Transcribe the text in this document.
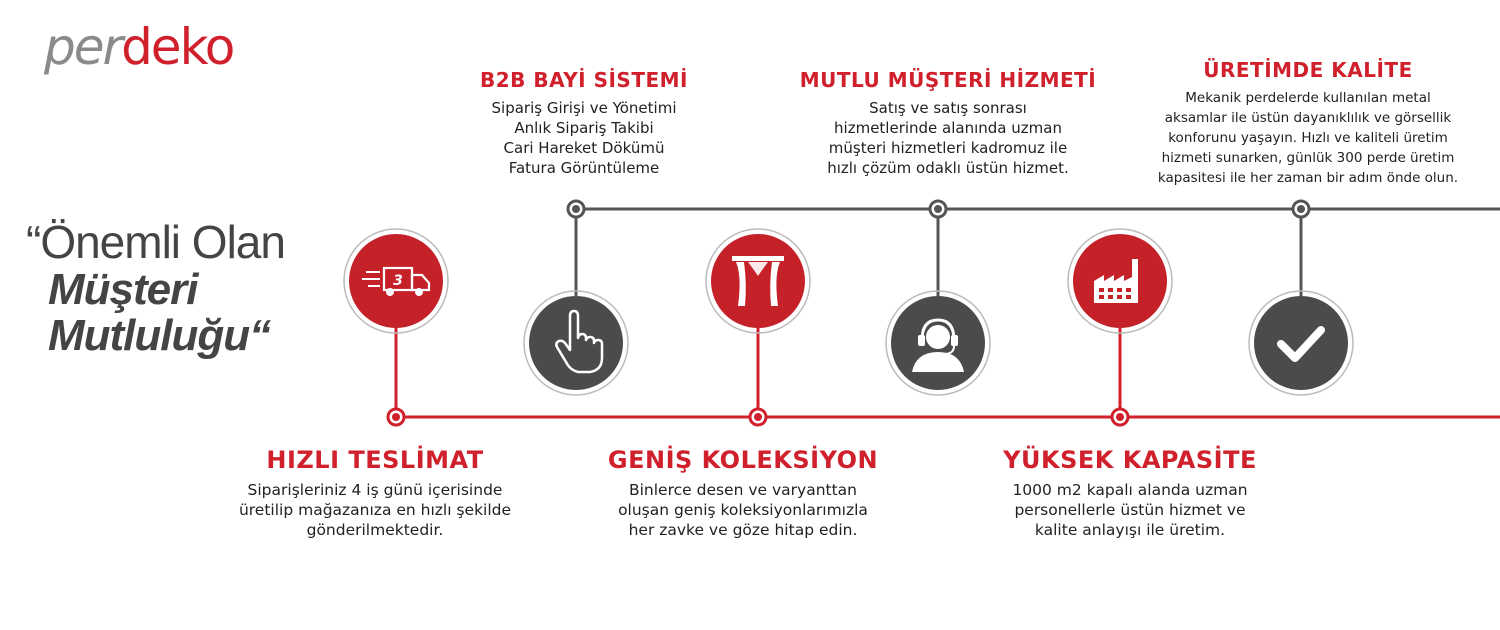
perdeko
“Önemli Olan
Müşteri
Mutluluğu“
3
B2B BAYİ SİSTEMİ

Sipariş Girişi ve Yönetimi

Anlık Sipariş Takibi

Cari Hareket Dökümü

Fatura Görüntüleme

MUTLU MÜŞTERİ HİZMETİ

Satış ve satış sonrası

hizmetlerinde alanında uzman

müşteri hizmetleri kadromuz ile

hızlı çözüm odaklı üstün hizmet.

ÜRETİMDE KALİTE

Mekanik perdelerde kullanılan metal

aksamlar ile üstün dayanıklılık ve görsellik

konforunu yaşayın. Hızlı ve kaliteli üretim

hizmeti sunarken, günlük 300 perde üretim

kapasitesi ile her zaman bir adım önde olun.

HIZLI TESLİMAT

Siparişleriniz 4 iş günü içerisinde

üretilip mağazanıza en hızlı şekilde

gönderilmektedir.

GENİŞ KOLEKSİYON

Binlerce desen ve varyanttan

oluşan geniş koleksiyonlarımızla

her zavke ve göze hitap edin.

YÜKSEK KAPASİTE

1000 m2 kapalı alanda uzman

personellerle üstün hizmet ve

kalite anlayışı ile üretim.
